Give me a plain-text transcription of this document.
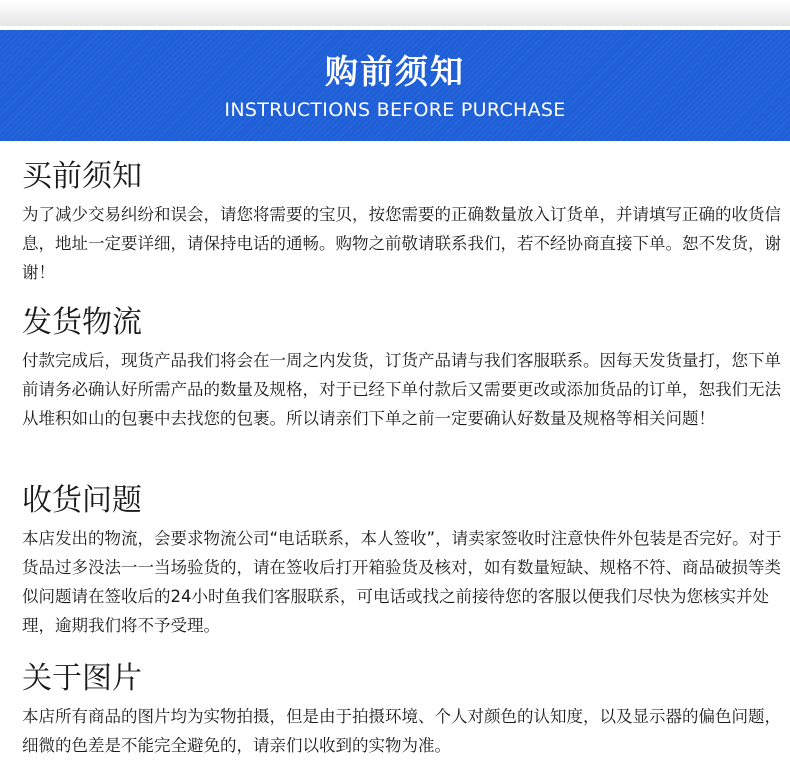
购前须知
INSTRUCTIONS BEFORE PURCHASE
买前须知

为了减少交易纠纷和误会，请您将需要的宝贝，按您需要的正确数量放入订货单，并请填写正确的收货信息，地址一定要详细，请保持电话的通畅。购物之前敬请联系我们，若不经协商直接下单。恕不发货，谢谢！

发货物流

付款完成后，现货产品我们将会在一周之内发货，订货产品请与我们客服联系。因每天发货量打，您下单前请务必确认好所需产品的数量及规格，对于已经下单付款后又需要更改或添加货品的订单，恕我们无法从堆积如山的包裹中去找您的包裹。所以请亲们下单之前一定要确认好数量及规格等相关问题！

收货问题

本店发出的物流，会要求物流公司“电话联系，本人签收”，请卖家签收时注意快件外包装是否完好。对于货品过多没法一一当场验货的，请在签收后打开箱验货及核对，如有数量短缺、规格不符、商品破损等类似问题请在签收后的24小时鱼我们客服联系，可电话或找之前接待您的客服以便我们尽快为您核实并处理，逾期我们将不予受理。

关于图片

本店所有商品的图片均为实物拍摄，但是由于拍摄环境、个人对颜色的认知度，以及显示器的偏色问题，细微的色差是不能完全避免的，请亲们以收到的实物为准。
